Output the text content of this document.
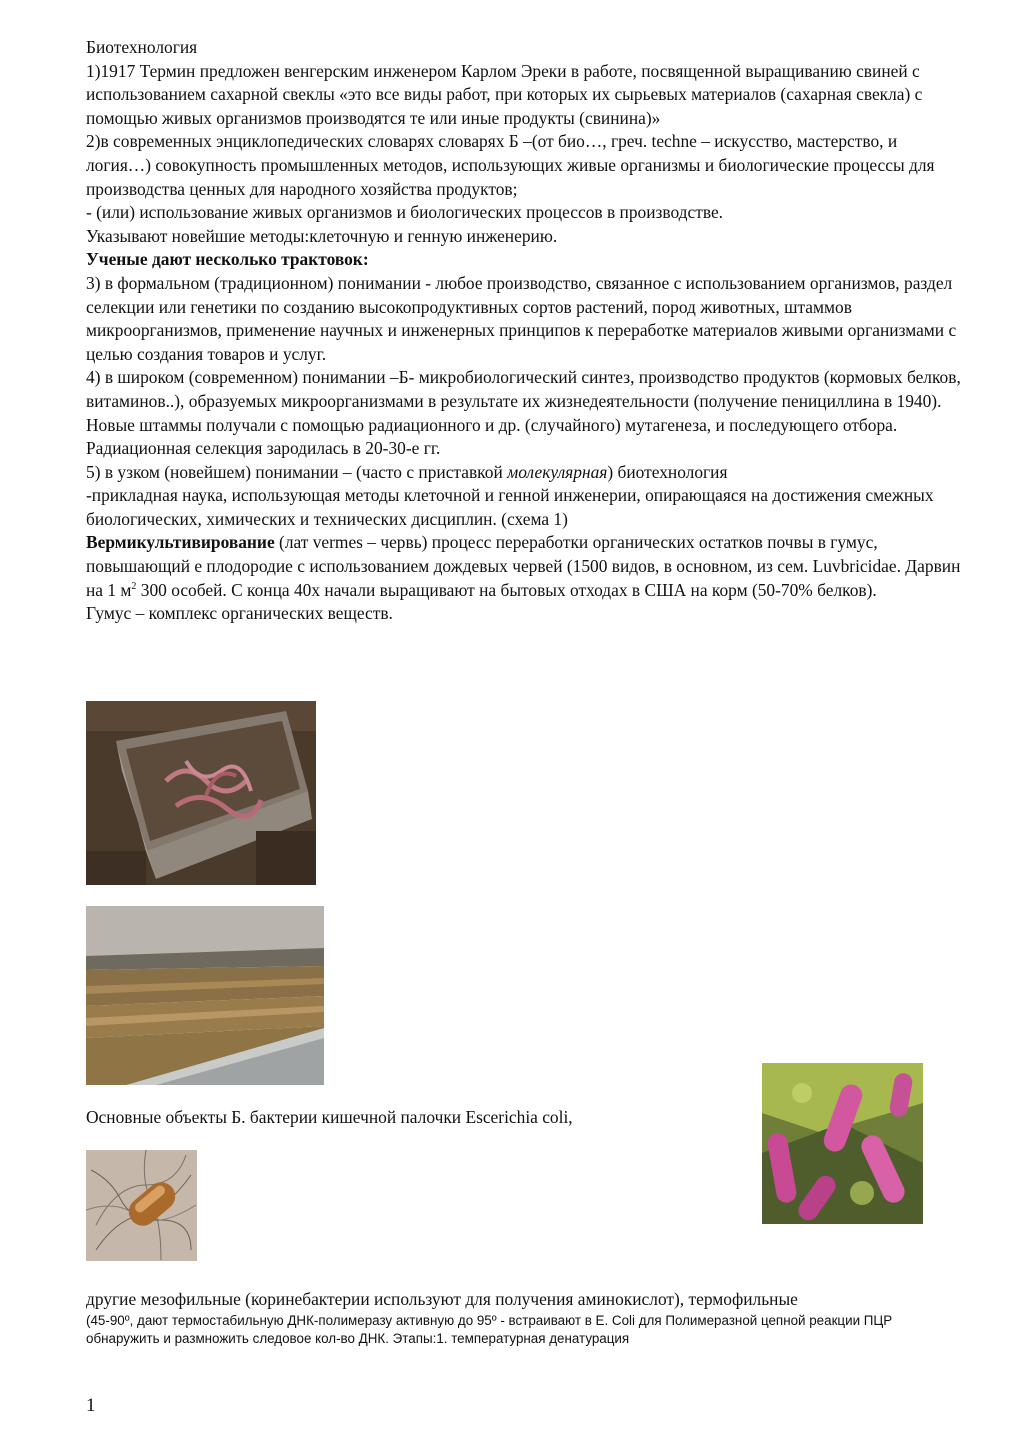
Биотехнология

1)1917 Термин предложен венгерским инженером Карлом Эреки в работе, посвященной выращиванию свиней с использованием сахарной свеклы «это все виды работ, при которых их сырьевых материалов (сахарная свекла) с помощью живых организмов производятся те или иные продукты (свинина)»

2)в современных энциклопедических словарях словарях Б –(от био…, греч. techne – искусство, мастерство, и логия…) совокупность промышленных методов, использующих живые организмы и биологические процессы для производства ценных для народного хозяйства продуктов;

- (или) использование живых организмов и биологических процессов в производстве.

Указывают новейшие методы:клеточную и генную инженерию.

Ученые дают несколько трактовок:

3) в формальном (традиционном) понимании - любое производство, связанное с использованием организмов, раздел селекции или генетики по созданию высокопродуктивных сортов растений, пород животных, штаммов микроорганизмов, применение научных и инженерных принципов к переработке материалов живыми организмами с целью создания товаров и услуг.

4) в широком (современном) понимании –Б- микробиологический синтез, производство продуктов (кормовых белков, витаминов..), образуемых микроорганизмами в результате их жизнедеятельности (получение пенициллина в 1940). Новые штаммы получали с помощью радиационного и др. (случайного) мутагенеза, и последующего отбора. Радиационная селекция зародилась в 20-30-е гг.

5) в узком (новейшем) понимании – (часто с приставкой молекулярная) биотехнология

-прикладная наука, использующая методы клеточной и генной инженерии, опирающаяся на достижения смежных биологических, химических и технических дисциплин. (схема 1)

Вермикультивирование (лат vermes – червь) процесс переработки органических остатков почвы в гумус, повышающий е плодородие с использованием дождевых червей (1500 видов, в основном, из сем. Luvbricidae. Дарвин на 1 $м^2$ 300 особей. С конца 40х начали выращивают на бытовых отходах в США на корм (50-70% белков).

Гумус – комплекс органических веществ.

Основные объекты Б. бактерии кишечной палочки Escerichia coli,
другие мезофильные (коринебактерии используют для получения аминокислот), термофильные
(45-90º, дают термостабильную ДНК-полимеразу активную до 95º - встраивают в E. Coli для Полимеразной цепной реакции ПЦР обнаружить и размножить следовое кол-во ДНК. Этапы:1. температурная денатурация
1
